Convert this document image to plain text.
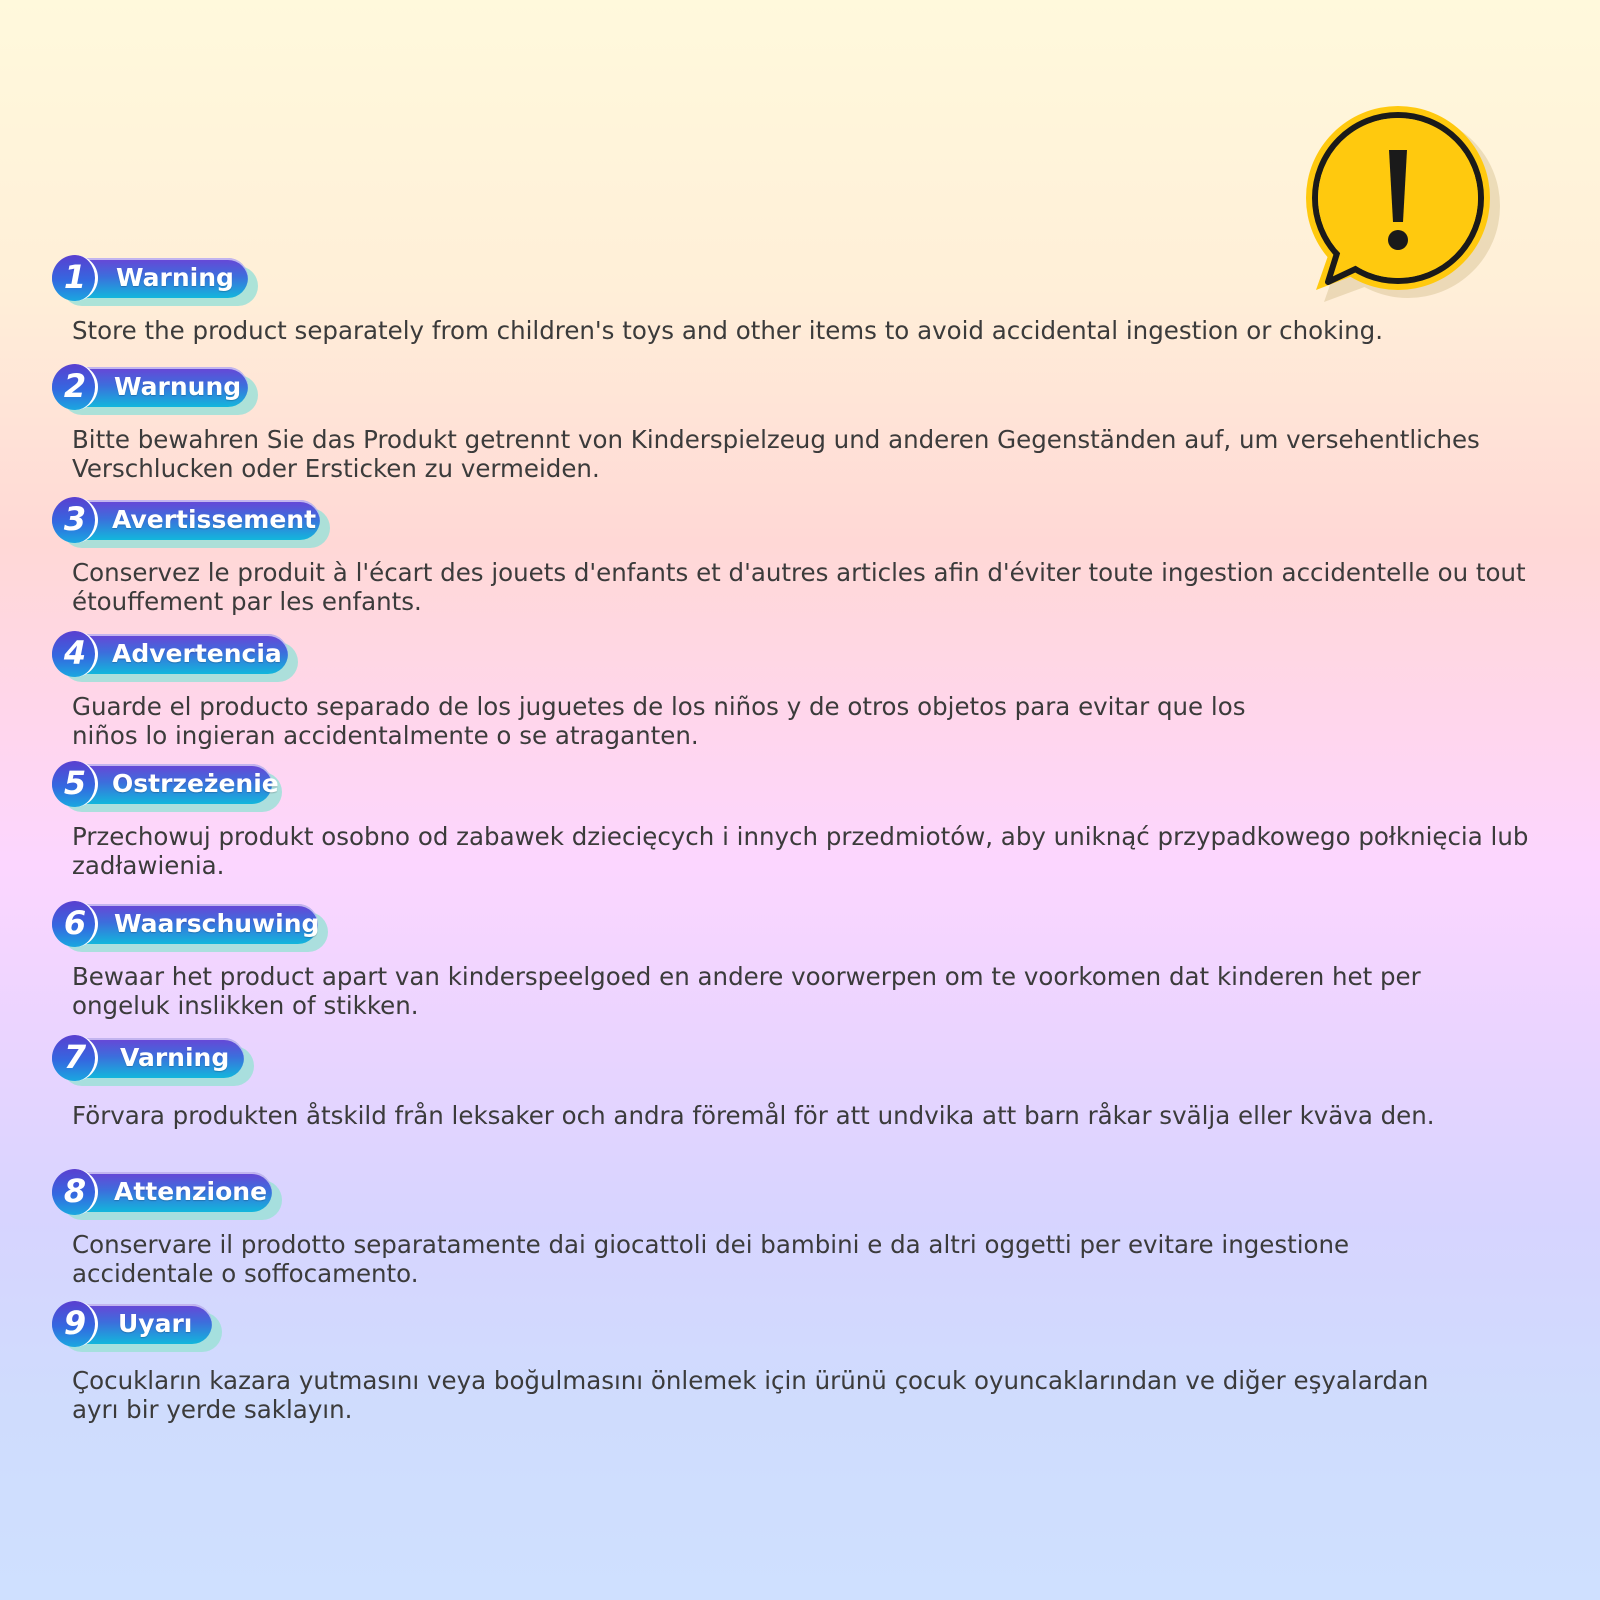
1	Warning

Store the product separately from children's toys and other items to avoid accidental ingestion or choking.

2	Warnung

Bitte bewahren Sie das Produkt getrennt von Kinderspielzeug und anderen Gegenständen auf, um versehentliches Verschlucken oder Ersticken zu vermeiden.

3	Avertissement

Conservez le produit à l'écart des jouets d'enfants et d'autres articles afin d'éviter toute ingestion accidentelle ou tout étouffement par les enfants.

4	Advertencia

Guarde el producto separado de los juguetes de los niños y de otros objetos para evitar que los niños lo ingieran accidentalmente o se atraganten.

5	Ostrzeżenie

Przechowuj produkt osobno od zabawek dziecięcych i innych przedmiotów, aby uniknąć przypadkowego połknięcia lub zadławienia.

6	Waarschuwing

Bewaar het product apart van kinderspeelgoed en andere voorwerpen om te voorkomen dat kinderen het per ongeluk inslikken of stikken.

7	Varning

Förvara produkten åtskild från leksaker och andra föremål för att undvika att barn råkar svälja eller kväva den.

8	Attenzione

Conservare il prodotto separatamente dai giocattoli dei bambini e da altri oggetti per evitare ingestione accidentale o soffocamento.

9	Uyarı

Çocukların kazara yutmasını veya boğulmasını önlemek için ürünü çocuk oyuncaklarından ve diğer eşyalardan ayrı bir yerde saklayın.
